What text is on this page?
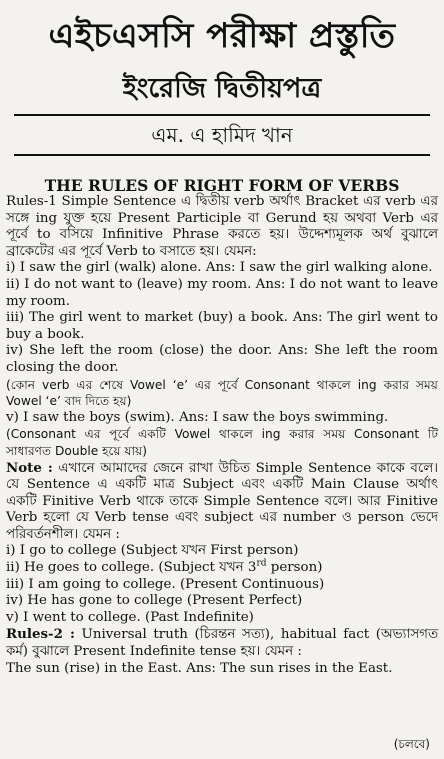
এইচএসসি পরীক্ষা প্রস্তুতি
ইংরেজি দ্বিতীয়পত্র
এম. এ হামিদ খান
THE RULES OF RIGHT FORM OF VERBS

Rules-1 Simple Sentence এ দ্বিতীয় verb অর্থাৎ Bracket এর verb এর সঙ্গে ing যুক্ত হয়ে Present Participle বা Gerund হয় অথবা Verb এর পূর্বে to বসিয়ে Infinitive Phrase করতে হয়। উদ্দেশ্যমূলক অর্থ বুঝালে ব্রাকেটের এর পূর্বে Verb to বসাতে হয়। যেমন:

i) I saw the girl (walk) alone. Ans: I saw the girl walking alone.

ii) I do not want to (leave) my room. Ans: I do not want to leave my room.

iii) The girl went to market (buy) a book. Ans: The girl went to buy a book.

iv) She left the room (close) the door. Ans: She left the room closing the door.

(কোন verb এর শেষে Vowel ‘e’ এর পূর্বে Consonant থাকলে ing করার সময় Vowel ‘e’ বাদ দিতে হয়)

v) I saw the boys (swim). Ans: I saw the boys swimming.

(Consonant এর পূর্বে একটি Vowel থাকলে ing করার সময় Consonant টি সাধারণত Double হয়ে যায়)

Note : এখানে আমাদের জেনে রাখা উচিত Simple Sentence কাকে বলে। যে Sentence এ একটি মাত্র Subject এবং একটি Main Clause অর্থাৎ একটি Finitive Verb থাকে তাকে Simple Sentence বলে। আর Finitive Verb হলো যে Verb tense এবং subject এর number ও person ভেদে পরিবর্তনশীল। যেমন :

i) I go to college (Subject যখন First person)

ii) He goes to college. (Subject যখন 3rd person)

iii) I am going to college. (Present Continuous)

iv) He has gone to college (Present Perfect)

v) I went to college. (Past Indefinite)

Rules-2 : Universal truth (চিরন্তন সত্য), habitual fact (অভ্যাসগত কর্ম) বুঝালে Present Indefinite tense হয়। যেমন :

The sun (rise) in the East. Ans: The sun rises in the East.

(চলবে)
